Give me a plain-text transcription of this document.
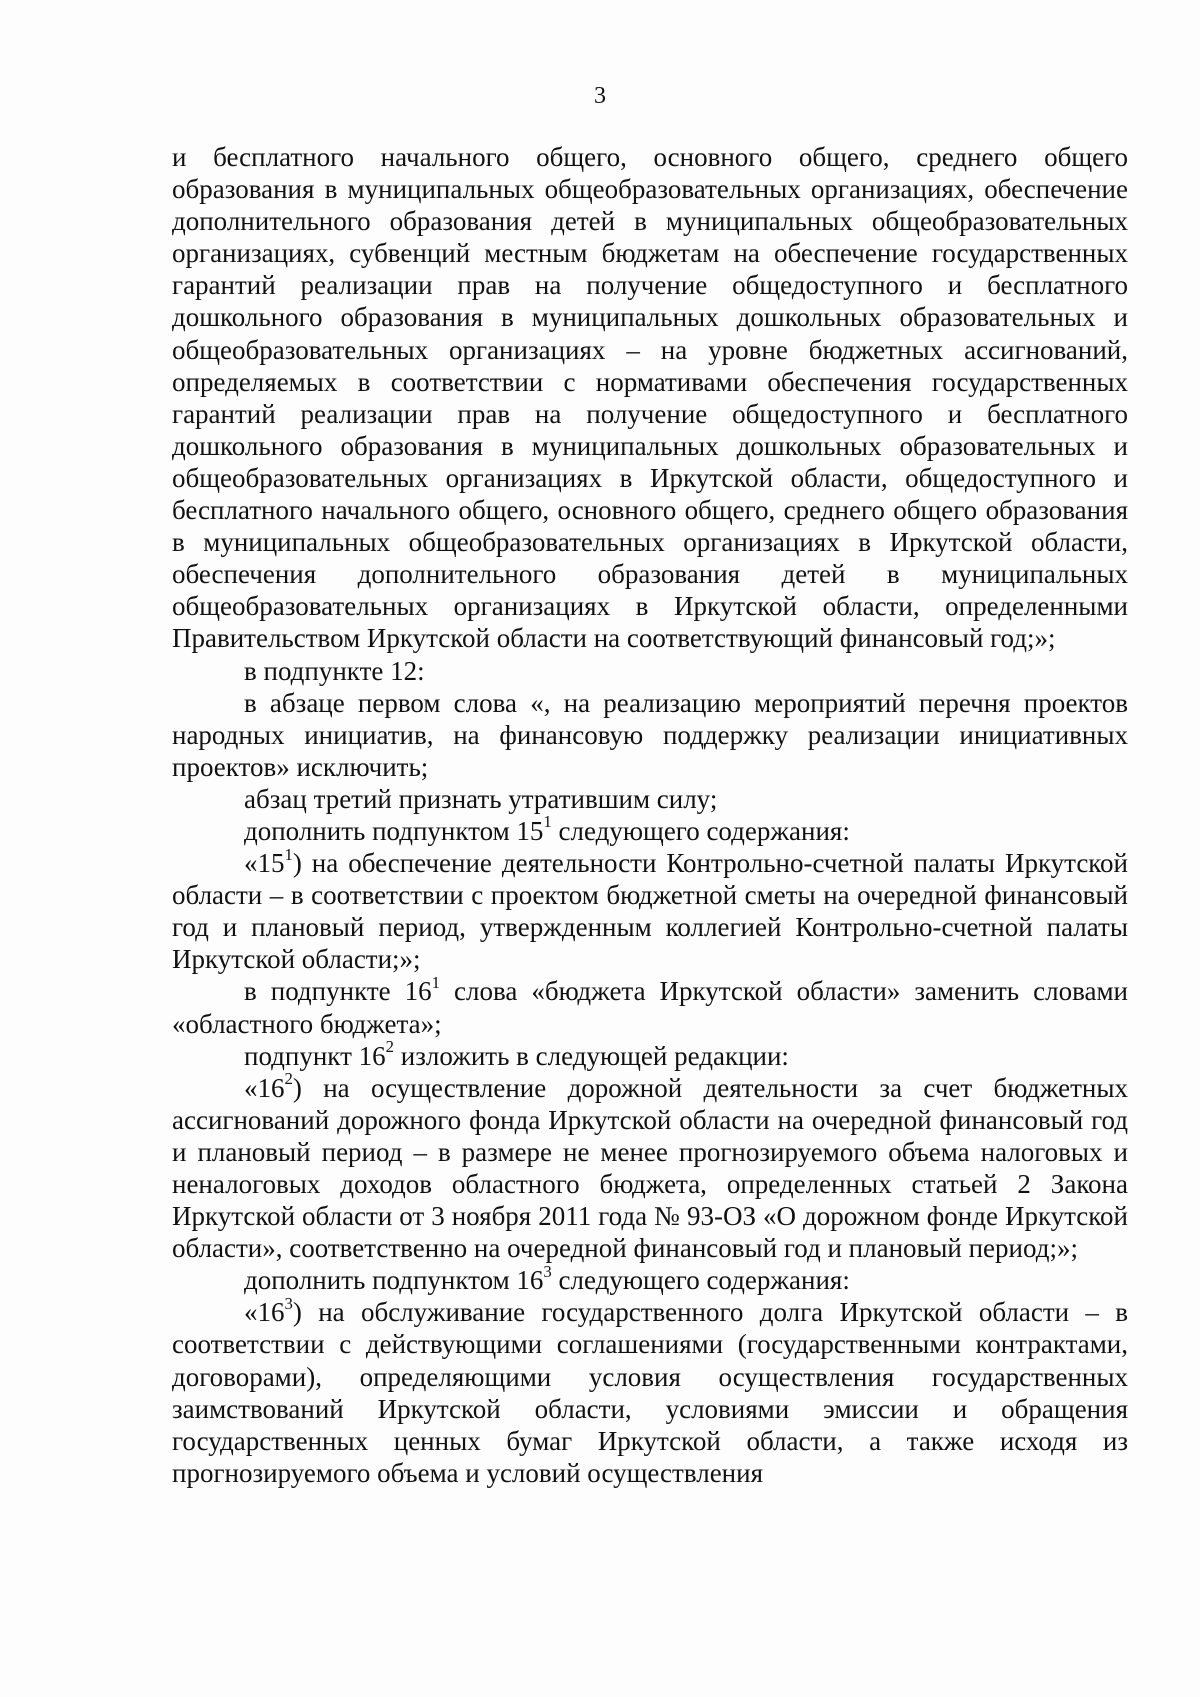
3

и бесплатного начального общего, основного общего, среднего общего образования в муниципальных общеобразовательных организациях, обеспечение дополнительного образования детей в муниципальных общеобразовательных организациях, субвенций местным бюджетам на обеспечение государственных гарантий реализации прав на получение общедоступного и бесплатного дошкольного образования в муниципальных дошкольных образовательных и общеобразовательных организациях – на уровне бюджетных ассигнований, определяемых в соответствии с нормативами обеспечения государственных гарантий реализации прав на получение общедоступного и бесплатного дошкольного образования в муниципальных дошкольных образовательных и общеобразовательных организациях в Иркутской области, общедоступного и бесплатного начального общего, основного общего, среднего общего образования в муниципальных общеобразовательных организациях в Иркутской области, обеспечения дополнительного образования детей в муниципальных общеобразовательных организациях в Иркутской области, определенными Правительством Иркутской области на соответствующий финансовый год;»;

в подпункте 12:

в абзаце первом слова «, на реализацию мероприятий перечня проектов народных инициатив, на финансовую поддержку реализации инициативных проектов» исключить;

абзац третий признать утратившим силу;

дополнить подпунктом $15^1$ следующего содержания:

«$15^1$) на обеспечение деятельности Контрольно-счетной палаты Иркутской области – в соответствии с проектом бюджетной сметы на очередной финансовый год и плановый период, утвержденным коллегией Контрольно-счетной палаты Иркутской области;»;

в подпункте $16^1$ слова «бюджета Иркутской области» заменить словами «областного бюджета»;

подпункт $16^2$ изложить в следующей редакции:

«$16^2$) на осуществление дорожной деятельности за счет бюджетных ассигнований дорожного фонда Иркутской области на очередной финансовый год и плановый период – в размере не менее прогнозируемого объема налоговых и неналоговых доходов областного бюджета, определенных статьей 2 Закона Иркутской области от 3 ноября 2011 года № 93-ОЗ «О дорожном фонде Иркутской области», соответственно на очередной финансовый год и плановый период;»;

дополнить подпунктом $16^3$ следующего содержания:

«$16^3$) на обслуживание государственного долга Иркутской области – в соответствии с действующими соглашениями (государственными контрактами, договорами), определяющими условия осуществления государственных заимствований Иркутской области, условиями эмиссии и обращения государственных ценных бумаг Иркутской области, а также исходя из прогнозируемого объема и условий осуществления
